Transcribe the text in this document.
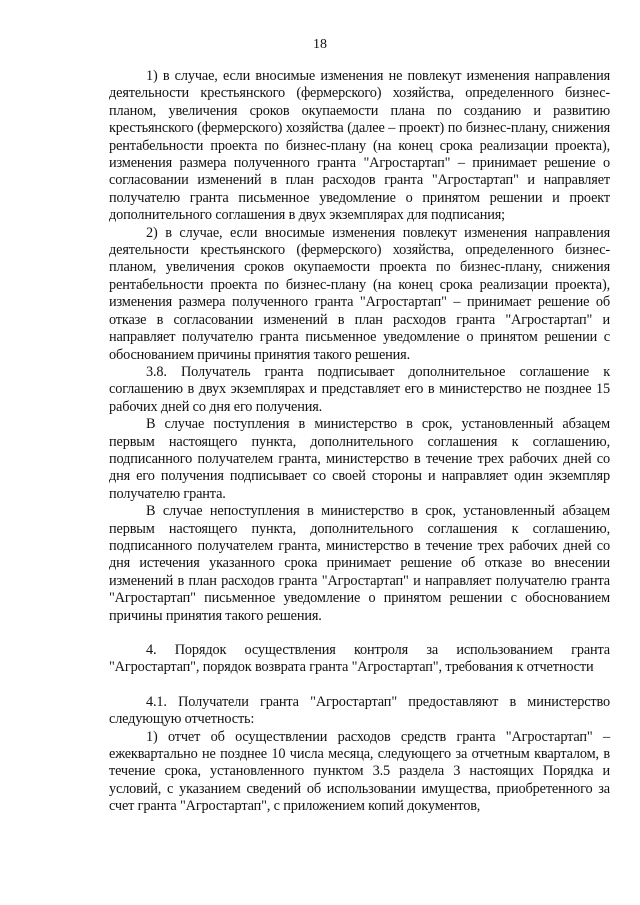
18

1) в случае, если вносимые изменения не повлекут изменения направления деятельности крестьянского (фермерского) хозяйства, определенного бизнес-планом, увеличения сроков окупаемости плана по созданию и развитию крестьянского (фермерского) хозяйства (далее – проект) по бизнес-плану, снижения рентабельности проекта по бизнес-плану (на конец срока реализации проекта), изменения размера полученного гранта "Агростартап" – принимает решение о согласовании изменений в план расходов гранта "Агростартап" и направляет получателю гранта письменное уведомление о принятом решении и проект дополнительного соглашения в двух экземплярах для подписания;

2) в случае, если вносимые изменения повлекут изменения направления деятельности крестьянского (фермерского) хозяйства, определенного бизнес-планом, увеличения сроков окупаемости проекта по бизнес-плану, снижения рентабельности проекта по бизнес-плану (на конец срока реализации проекта), изменения размера полученного гранта "Агростартап" – принимает решение об отказе в согласовании изменений в план расходов гранта "Агростартап" и направляет получателю гранта письменное уведомление о принятом решении с обоснованием причины принятия такого решения.

3.8. Получатель гранта подписывает дополнительное соглашение к соглашению в двух экземплярах и представляет его в министерство не позднее 15 рабочих дней со дня его получения.

В случае поступления в министерство в срок, установленный абзацем первым настоящего пункта, дополнительного соглашения к соглашению, подписанного получателем гранта, министерство в течение трех рабочих дней со дня его получения подписывает со своей стороны и направляет один экземпляр получателю гранта.

В случае непоступления в министерство в срок, установленный абзацем первым настоящего пункта, дополнительного соглашения к соглашению, подписанного получателем гранта, министерство в течение трех рабочих дней со дня истечения указанного срока принимает решение об отказе во внесении изменений в план расходов гранта "Агростартап" и направляет получателю гранта "Агростартап" письменное уведомление о принятом решении с обоснованием причины принятия такого решения.

4. Порядок осуществления контроля за использованием гранта "Агростартап", порядок возврата гранта "Агростартап", требования к отчетности

4.1. Получатели гранта "Агростартап" предоставляют в министерство следующую отчетность:

1) отчет об осуществлении расходов средств гранта "Агростартап" – ежеквартально не позднее 10 числа месяца, следующего за отчетным кварталом, в течение срока, установленного пунктом 3.5 раздела 3 настоящих Порядка и условий, с указанием сведений об использовании имущества, приобретенного за счет гранта "Агростартап", с приложением копий документов,
